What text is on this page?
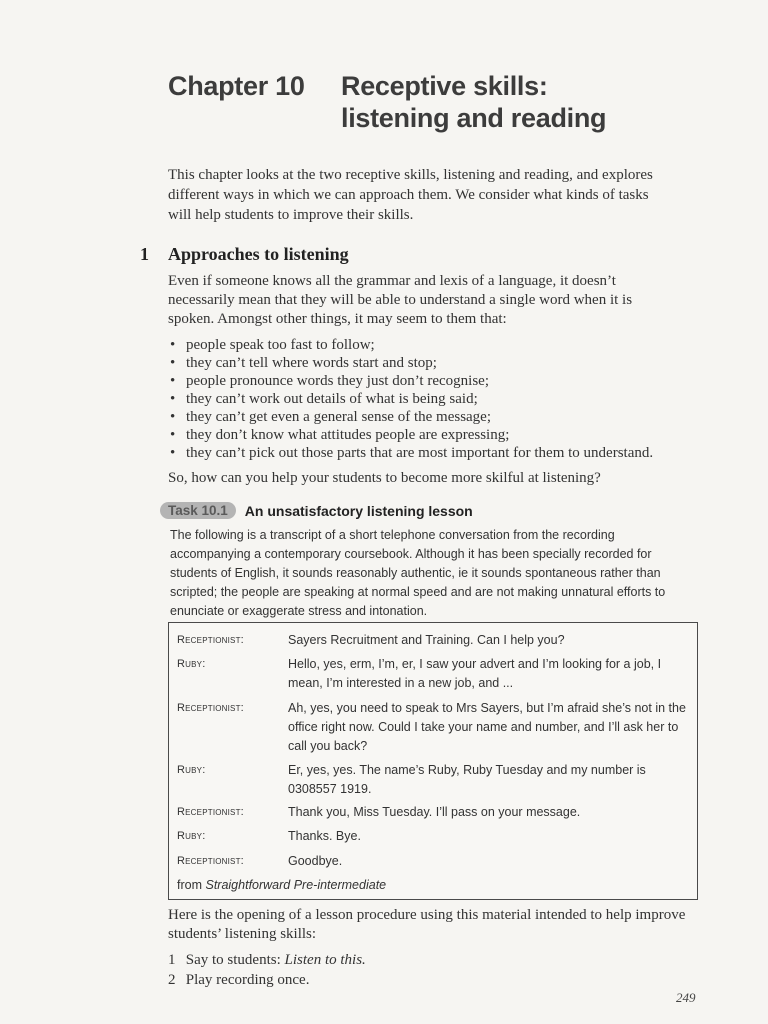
Chapter 10	Receptive skills:
listening and reading
This chapter looks at the two receptive skills, listening and reading, and explores different ways in which we can approach them. We consider what kinds of tasks will help students to improve their skills.
1 Approaches to listening
Even if someone knows all the grammar and lexis of a language, it doesn’t necessarily mean that they will be able to understand a single word when it is spoken. Amongst other things, it may seem to them that:
• people speak too fast to follow;
• they can’t tell where words start and stop;
• people pronounce words they just don’t recognise;
• they can’t work out details of what is being said;
• they can’t get even a general sense of the message;
• they don’t know what attitudes people are expressing;
• they can’t pick out those parts that are most important for them to understand.
So, how can you help your students to become more skilful at listening?
Task 10.1	An unsatisfactory listening lesson
The following is a transcript of a short telephone conversation from the recording accompanying a contemporary coursebook. Although it has been specially recorded for students of English, it sounds reasonably authentic, ie it sounds spontaneous rather than scripted; the people are speaking at normal speed and are not making unnatural efforts to enunciate or exaggerate stress and intonation.
Receptionist:	Sayers Recruitment and Training. Can I help you?
Ruby:	Hello, yes, erm, I’m, er, I saw your advert and I’m looking for a job, I mean, I’m interested in a new job, and ...
Receptionist:	Ah, yes, you need to speak to Mrs Sayers, but I’m afraid she’s not in the office right now. Could I take your name and number, and I’ll ask her to call you back?
Ruby:	Er, yes, yes. The name’s Ruby, Ruby Tuesday and my number is 0308557 1919.
Receptionist:	Thank you, Miss Tuesday. I’ll pass on your message.
Ruby:	Thanks. Bye.
Receptionist:	Goodbye.
from Straightforward Pre-intermediate
Here is the opening of a lesson procedure using this material intended to help improve students’ listening skills:
1 Say to students: Listen to this.
2 Play recording once.
249
